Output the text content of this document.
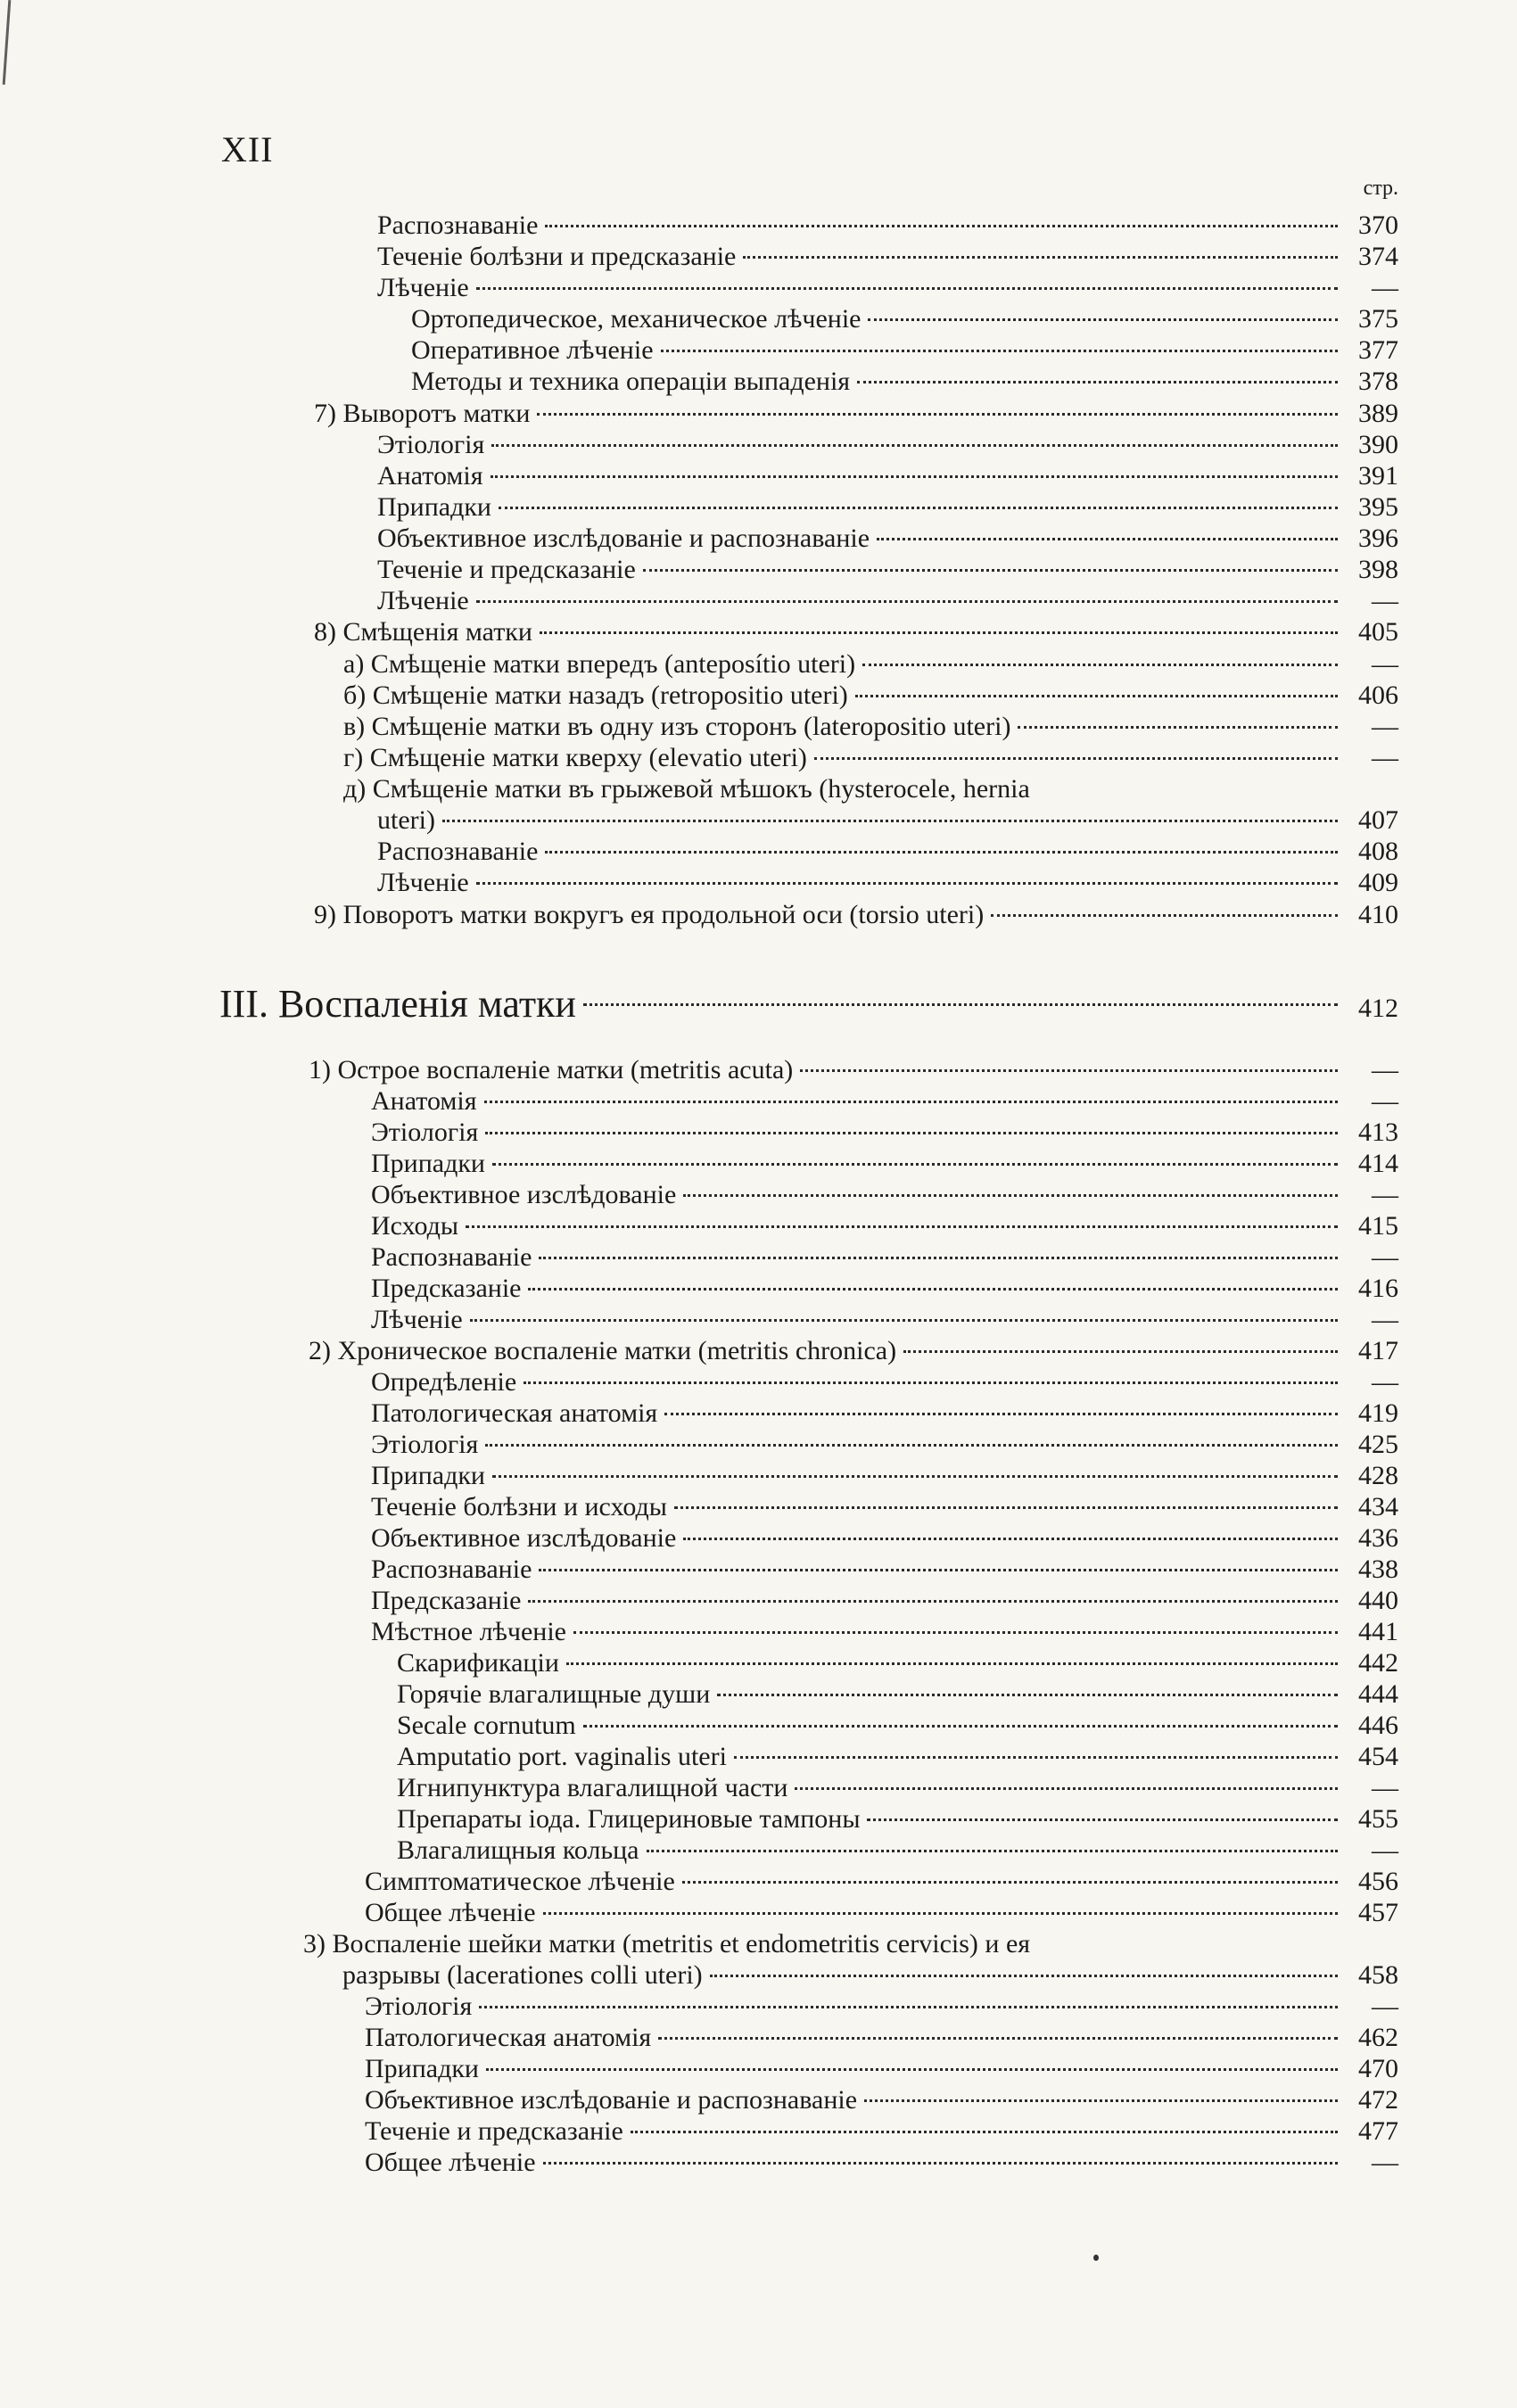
XII
стр.
Распознаваніе	370
Теченіе болѣзни и предсказаніе	374
Лѣченіе	—
Ортопедическое, механическое лѣченіе	375
Оперативное лѣченіе	377
Методы и техника операціи выпаденія	378
7) Выворотъ матки	389
Этіологія	390
Анатомія	391
Припадки	395
Объективное изслѣдованіе и распознаваніе	396
Теченіе и предсказаніе	398
Лѣченіе	—
8) Смѣщенія матки	405
а) Смѣщеніе матки впередъ (anteposítio uteri)	—
б) Смѣщеніе матки назадъ (retropositio uteri)	406
в) Смѣщеніе матки въ одну изъ сторонъ (lateropositio uteri)	—
г) Смѣщеніе матки кверху (elevatio uteri)	—
д) Смѣщеніе матки въ грыжевой мѣшокъ (hysterocele, hernia
uteri)	407
Распознаваніе	408
Лѣченіе	409
9) Поворотъ матки вокругъ ея продольной оси (torsio uteri)	410
III. Воспаленія матки	412
1) Острое воспаленіе матки (metritis acuta)	—
Анатомія	—
Этіологія	413
Припадки	414
Объективное изслѣдованіе	—
Исходы	415
Распознаваніе	—
Предсказаніе	416
Лѣченіе	—
2) Хроническое воспаленіе матки (metritis chronica)	417
Опредѣленіе	—
Патологическая анатомія	419
Этіологія	425
Припадки	428
Теченіе болѣзни и исходы	434
Объективное изслѣдованіе	436
Распознаваніе	438
Предсказаніе	440
Мѣстное лѣченіе	441
Скарификаціи	442
Горячіе влагалищные души	444
Secale cornutum	446
Amputatio port. vaginalis uteri	454
Игнипунктура влагалищной части	—
Препараты іода. Глицериновые тампоны	455
Влагалищныя кольца	—
Симптоматическое лѣченіе	456
Общее лѣченіе	457
3) Воспаленіе шейки матки (metritis et endometritis cervicis) и ея
разрывы (lacerationes colli uteri)	458
Этіологія	—
Патологическая анатомія	462
Припадки	470
Объективное изслѣдованіе и распознаваніе	472
Теченіе и предсказаніе	477
Общее лѣченіе	—
